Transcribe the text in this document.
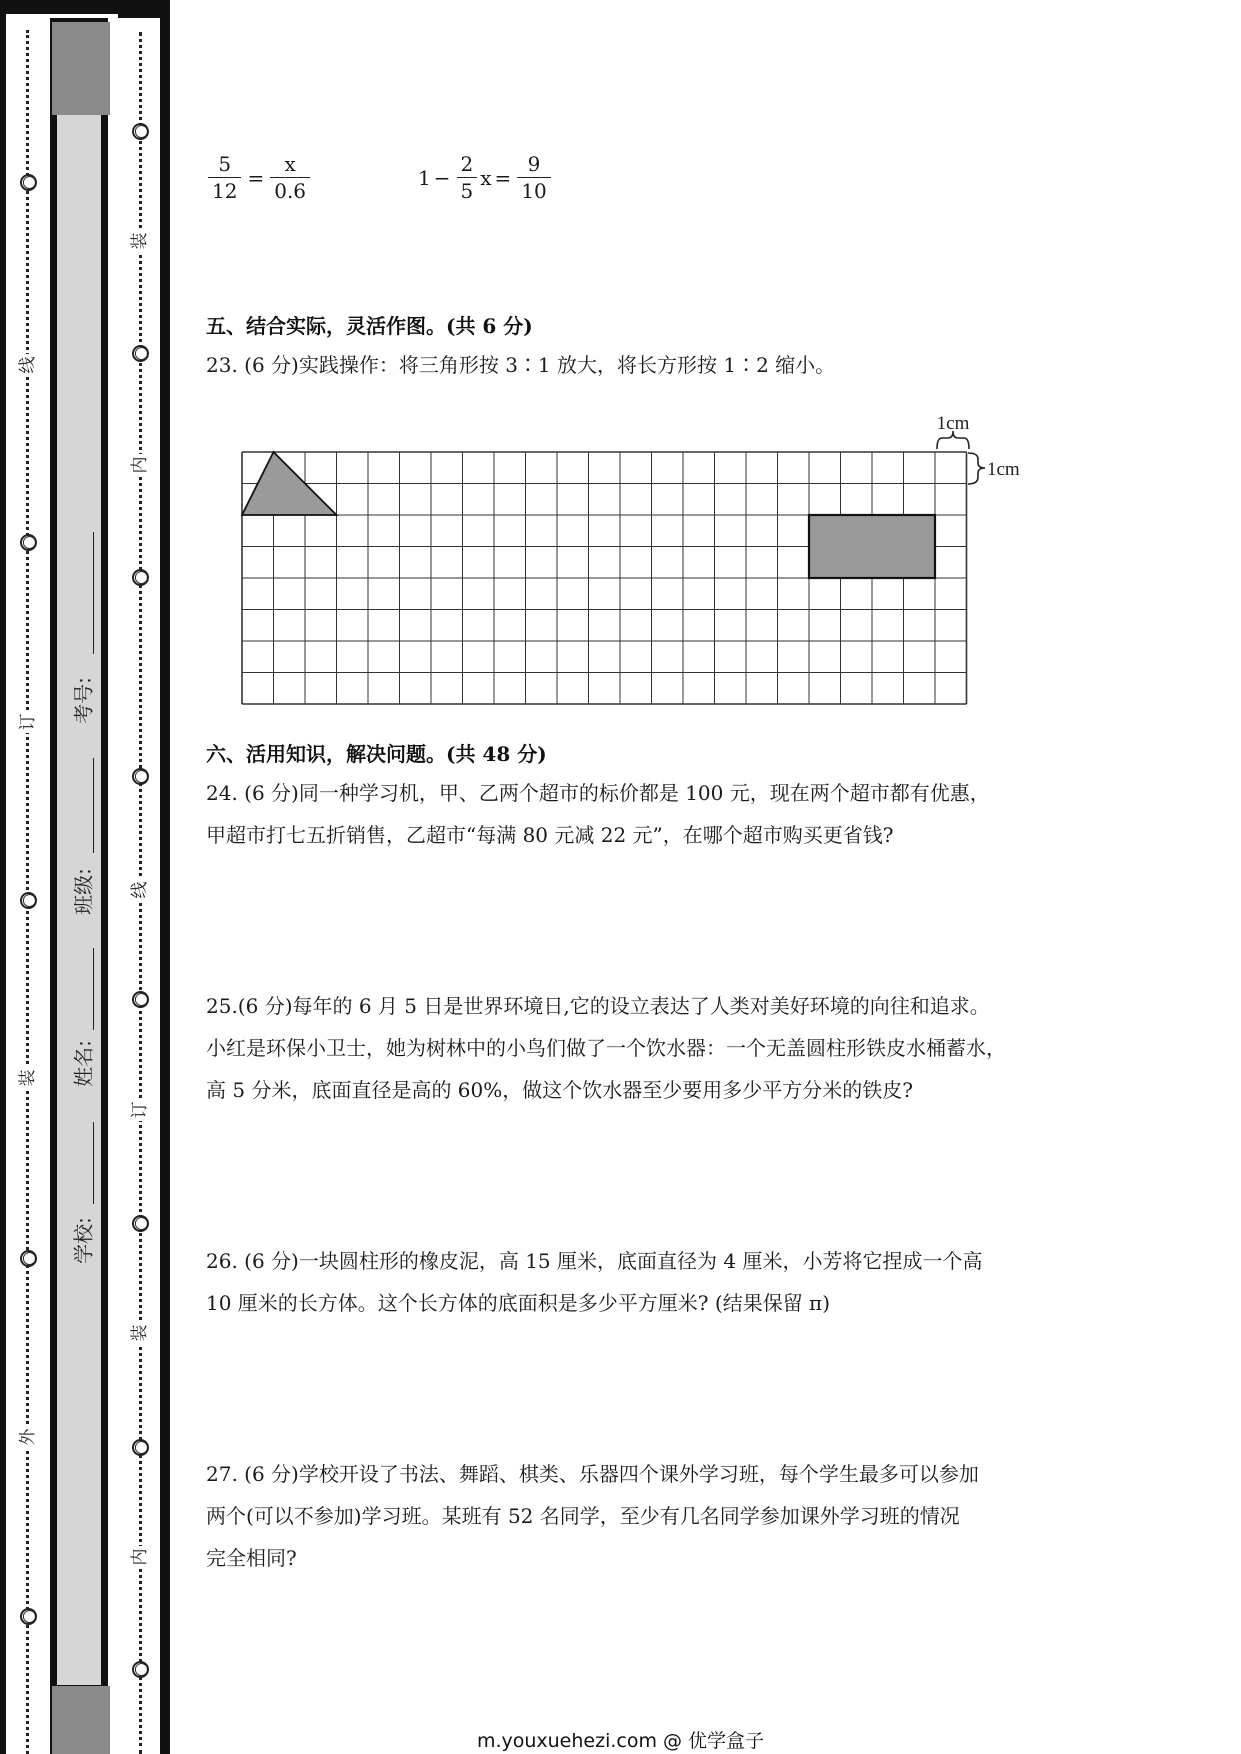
○
线
○
订
○
装
○
外
○
○
装
○
内
○
○
线
○
订
○
装
○
内
○
学校:
姓名:
班级:
考号:
$\frac{5}{12} = \frac{x}{0.6}$	$1 - \frac{2}{5}$ $x = \frac{9}{10}$
五、结合实际，灵活作图。(共 6 分)
23. (6 分)实践操作：将三角形按 3∶1 放大，将长方形按 1∶2 缩小。
1cm
1cm
六、活用知识，解决问题。(共 48 分)
24. (6 分)同一种学习机，甲、乙两个超市的标价都是 100 元，现在两个超市都有优惠，
甲超市打七五折销售，乙超市“每满 80 元减 22 元”，在哪个超市购买更省钱?
25.(6 分)每年的 6 月 5 日是世界环境日,它的设立表达了人类对美好环境的向往和追求。
小红是环保小卫士，她为树林中的小鸟们做了一个饮水器：一个无盖圆柱形铁皮水桶蓄水，
高 5 分米，底面直径是高的 60%，做这个饮水器至少要用多少平方分米的铁皮?
26. (6 分)一块圆柱形的橡皮泥，高 15 厘米，底面直径为 4 厘米，小芳将它捏成一个高
10 厘米的长方体。这个长方体的底面积是多少平方厘米? (结果保留 π)
27. (6 分)学校开设了书法、舞蹈、棋类、乐器四个课外学习班，每个学生最多可以参加
两个(可以不参加)学习班。某班有 52 名同学，至少有几名同学参加课外学习班的情况
完全相同?
m.youxuehezi.com @ 优学盒子
